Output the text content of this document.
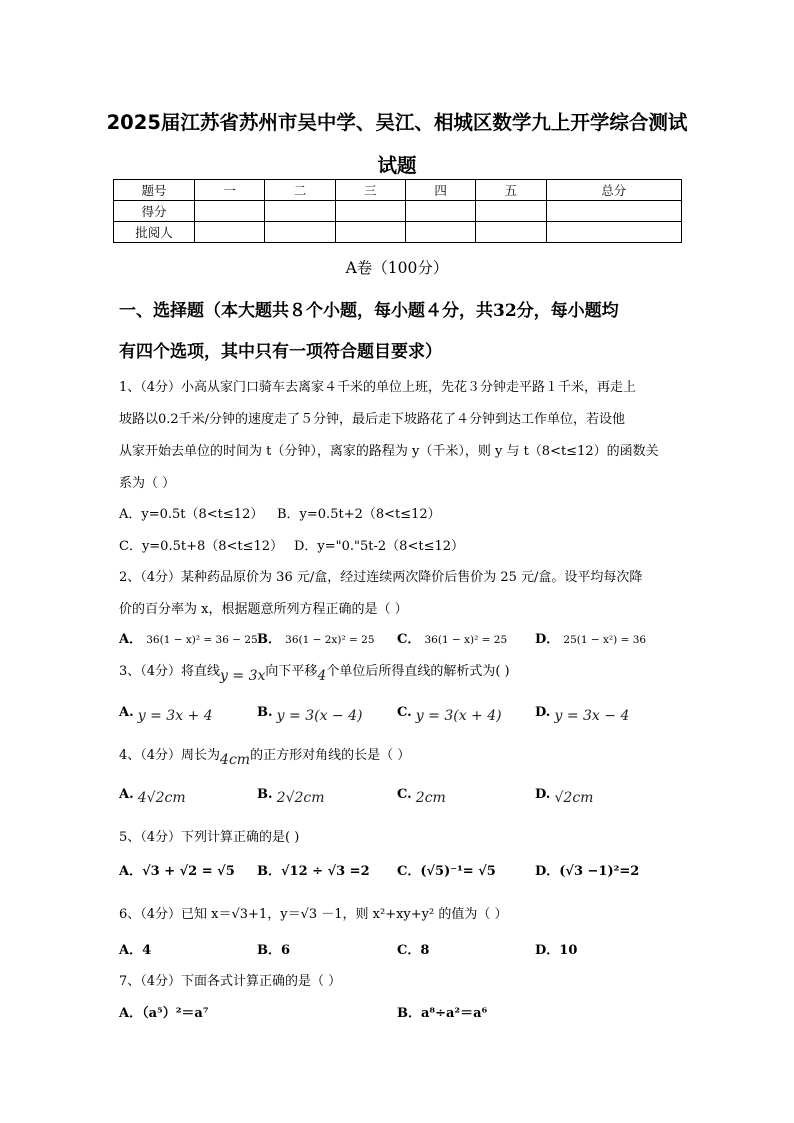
2025届江苏省苏州市吴中学、吴江、相城区数学九上开学综合测试
试题
题号	一	二	三	四	五	总分
得分						
批阅人						
A卷（100分）
一、选择题（本大题共８个小题，每小题４分，共32分，每小题均
有四个选项，其中只有一项符合题目要求）
1、（4分）小高从家门口骑车去离家４千米的单位上班，先花３分钟走平路１千米，再走上
坡路以0.2千米/分钟的速度走了５分钟，最后走下坡路花了４分钟到达工作单位，若设他
从家开始去单位的时间为 t（分钟），离家的路程为 y（千米），则 y 与 t（8<t≤12）的函数关
系为（ ）
A．y=0.5t（8<t≤12） B．y=0.5t+2（8<t≤12）
C．y=0.5t+8（8<t≤12） D．y="0."5t-2（8<t≤12）
2、（4分）某种药品原价为 36 元/盒，经过连续两次降价后售价为 25 元/盒。设平均每次降
价的百分率为 x，根据题意所列方程正确的是（ ）
A． 36(1 − x)² = 36 − 25 B． 36(1 − 2x)² = 25 C． 36(1 − x)² = 25 D． 25(1 − x²) = 36
3、（4分）将直线y = 3x向下平移4个单位后所得直线的解析式为( )
A. y = 3x + 4	B. y = 3(x − 4)	C. y = 3(x + 4)	D. y = 3x − 4
4、（4分）周长为4cm的正方形对角线的长是（ ）
A. 4√2cm	B. 2√2cm	C. 2cm	D. √2cm
5、（4分）下列计算正确的是( )
A．√3 + √2 = √5 B．√12 ÷ √3 =2 C．(√5)⁻¹= √5	D．(√3 −1)²=2
6、（4分）已知 x＝√3+1，y＝√3 －1，则 x²+xy+y² 的值为（ ）
A．4	B．6	C．8	D．10
7、（4分）下面各式计算正确的是（ ）
A．（a⁵）²＝a⁷	B．a⁸÷a²＝a⁶
